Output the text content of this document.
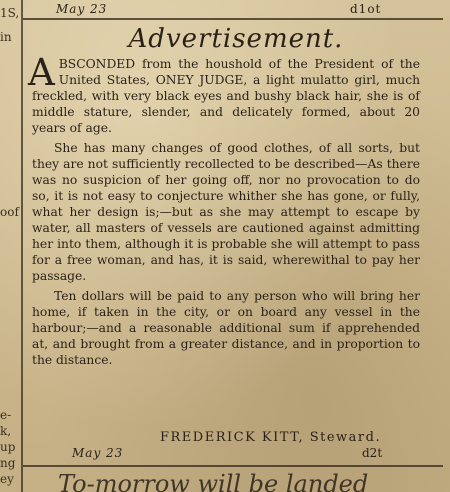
1S,
in
oof
e-
k,
up
ng
ey
May 23	d1ot
Advertisement.

ABSCONDED from the houshold of the President of the United States, ONEY JUDGE, a light mulatto girl, much freckled, with very black eyes and bushy black hair, she is of middle stature, slender, and delicately formed, about 20 years of age.

She has many changes of good clothes, of all sorts, but they are not sufficiently recollected to be described—As there was no suspicion of her going off, nor no provocation to do so, it is not easy to conjecture whither she has gone, or fully, what her design is;—but as she may attempt to escape by water, all masters of vessels are cautioned against admitting her into them, although it is probable she will attempt to pass for a free woman, and has, it is said, wherewithal to pay her passage.

Ten dollars will be paid to any person who will bring her home, if taken in the city, or on board any vessel in the harbour;—and a reasonable additional sum if apprehended at, and brought from a greater distance, and in proportion to the distance.

FREDERICK KITT, Steward.
May 23	d2t
To-morrow will be landed
